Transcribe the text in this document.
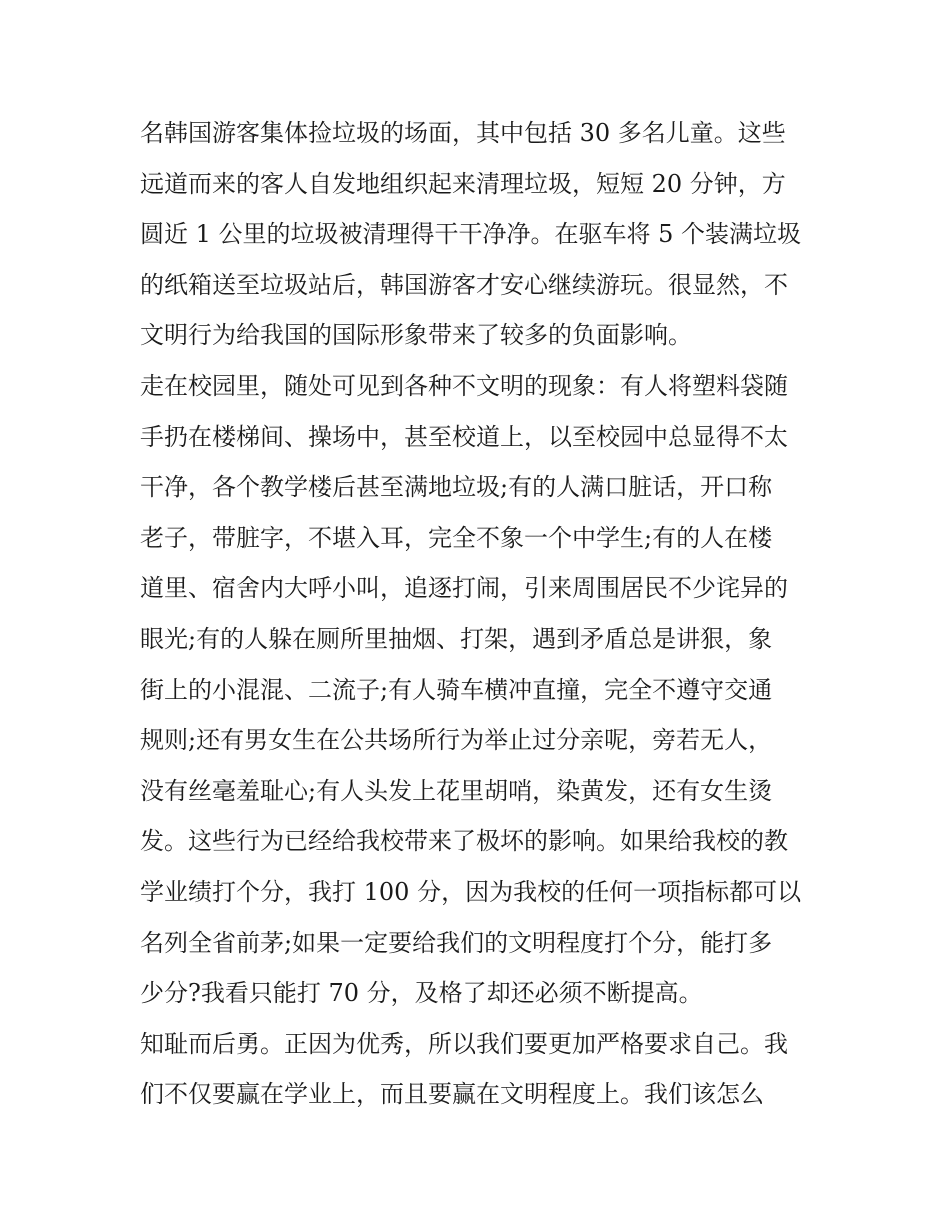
名韩国游客集体捡垃圾的场面，其中包括 30 多名儿童。这些
远道而来的客人自发地组织起来清理垃圾，短短 20 分钟，方
圆近 1 公里的垃圾被清理得干干净净。在驱车将 5 个装满垃圾
的纸箱送至垃圾站后，韩国游客才安心继续游玩。很显然，不
文明行为给我国的国际形象带来了较多的负面影响。
走在校园里，随处可见到各种不文明的现象：有人将塑料袋随
手扔在楼梯间、操场中，甚至校道上，以至校园中总显得不太
干净，各个教学楼后甚至满地垃圾;有的人满口脏话，开口称
老子，带脏字，不堪入耳，完全不象一个中学生;有的人在楼
道里、宿舍内大呼小叫，追逐打闹，引来周围居民不少诧异的
眼光;有的人躲在厕所里抽烟、打架，遇到矛盾总是讲狠，象
街上的小混混、二流子;有人骑车横冲直撞，完全不遵守交通
规则;还有男女生在公共场所行为举止过分亲呢，旁若无人，
没有丝毫羞耻心;有人头发上花里胡哨，染黄发，还有女生烫
发。这些行为已经给我校带来了极坏的影响。如果给我校的教
学业绩打个分，我打 100 分，因为我校的任何一项指标都可以
名列全省前茅;如果一定要给我们的文明程度打个分，能打多
少分?我看只能打 70 分，及格了却还必须不断提高。
知耻而后勇。正因为优秀，所以我们要更加严格要求自己。我
们不仅要赢在学业上，而且要赢在文明程度上。我们该怎么
